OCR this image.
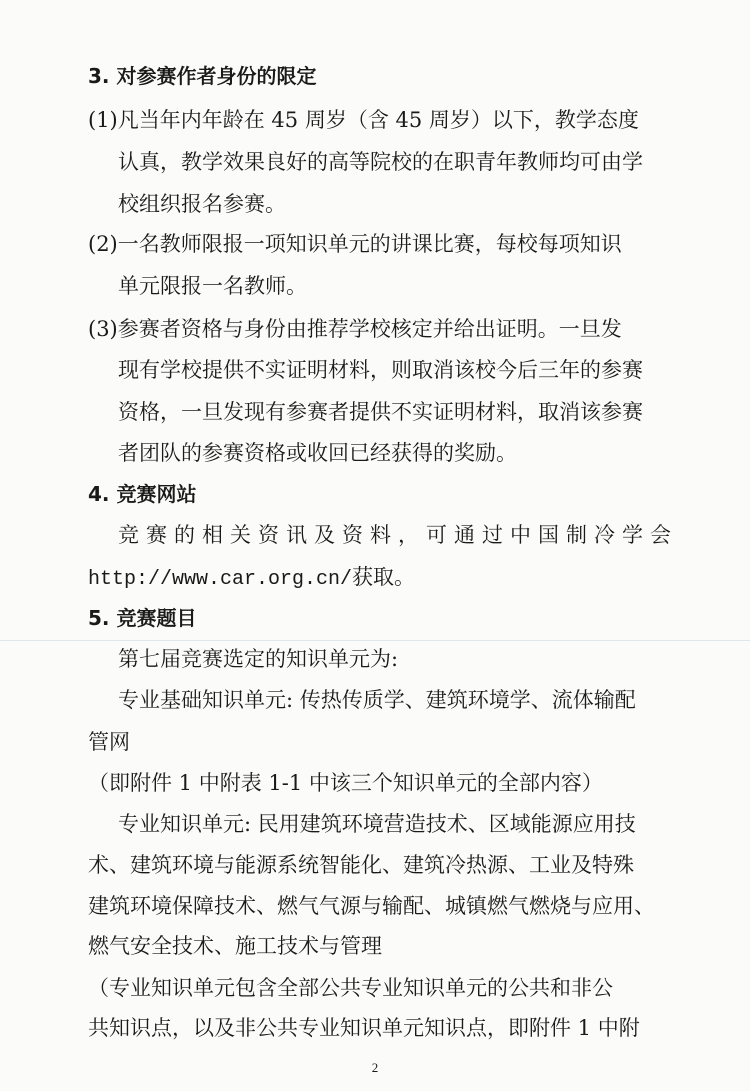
3. 对参赛作者身份的限定
(1)凡当年内年龄在 45 周岁（含 45 周岁）以下，教学态度
认真，教学效果良好的高等院校的在职青年教师均可由学
校组织报名参赛。
(2)一名教师限报一项知识单元的讲课比赛，每校每项知识
单元限报一名教师。
(3)参赛者资格与身份由推荐学校核定并给出证明。一旦发
现有学校提供不实证明材料，则取消该校今后三年的参赛
资格，一旦发现有参赛者提供不实证明材料，取消该参赛
者团队的参赛资格或收回已经获得的奖励。
4. 竞赛网站
竞赛的相关资讯及资料，可通过中国制冷学会
http://www.car.org.cn/获取。
5. 竞赛题目
第七届竞赛选定的知识单元为:
专业基础知识单元: 传热传质学、建筑环境学、流体输配
管网
（即附件 1 中附表 1-1 中该三个知识单元的全部内容）
专业知识单元: 民用建筑环境营造技术、区域能源应用技
术、建筑环境与能源系统智能化、建筑冷热源、工业及特殊
建筑环境保障技术、燃气气源与输配、城镇燃气燃烧与应用、
燃气安全技术、施工技术与管理
（专业知识单元包含全部公共专业知识单元的公共和非公
共知识点，以及非公共专业知识单元知识点，即附件 1 中附
2
